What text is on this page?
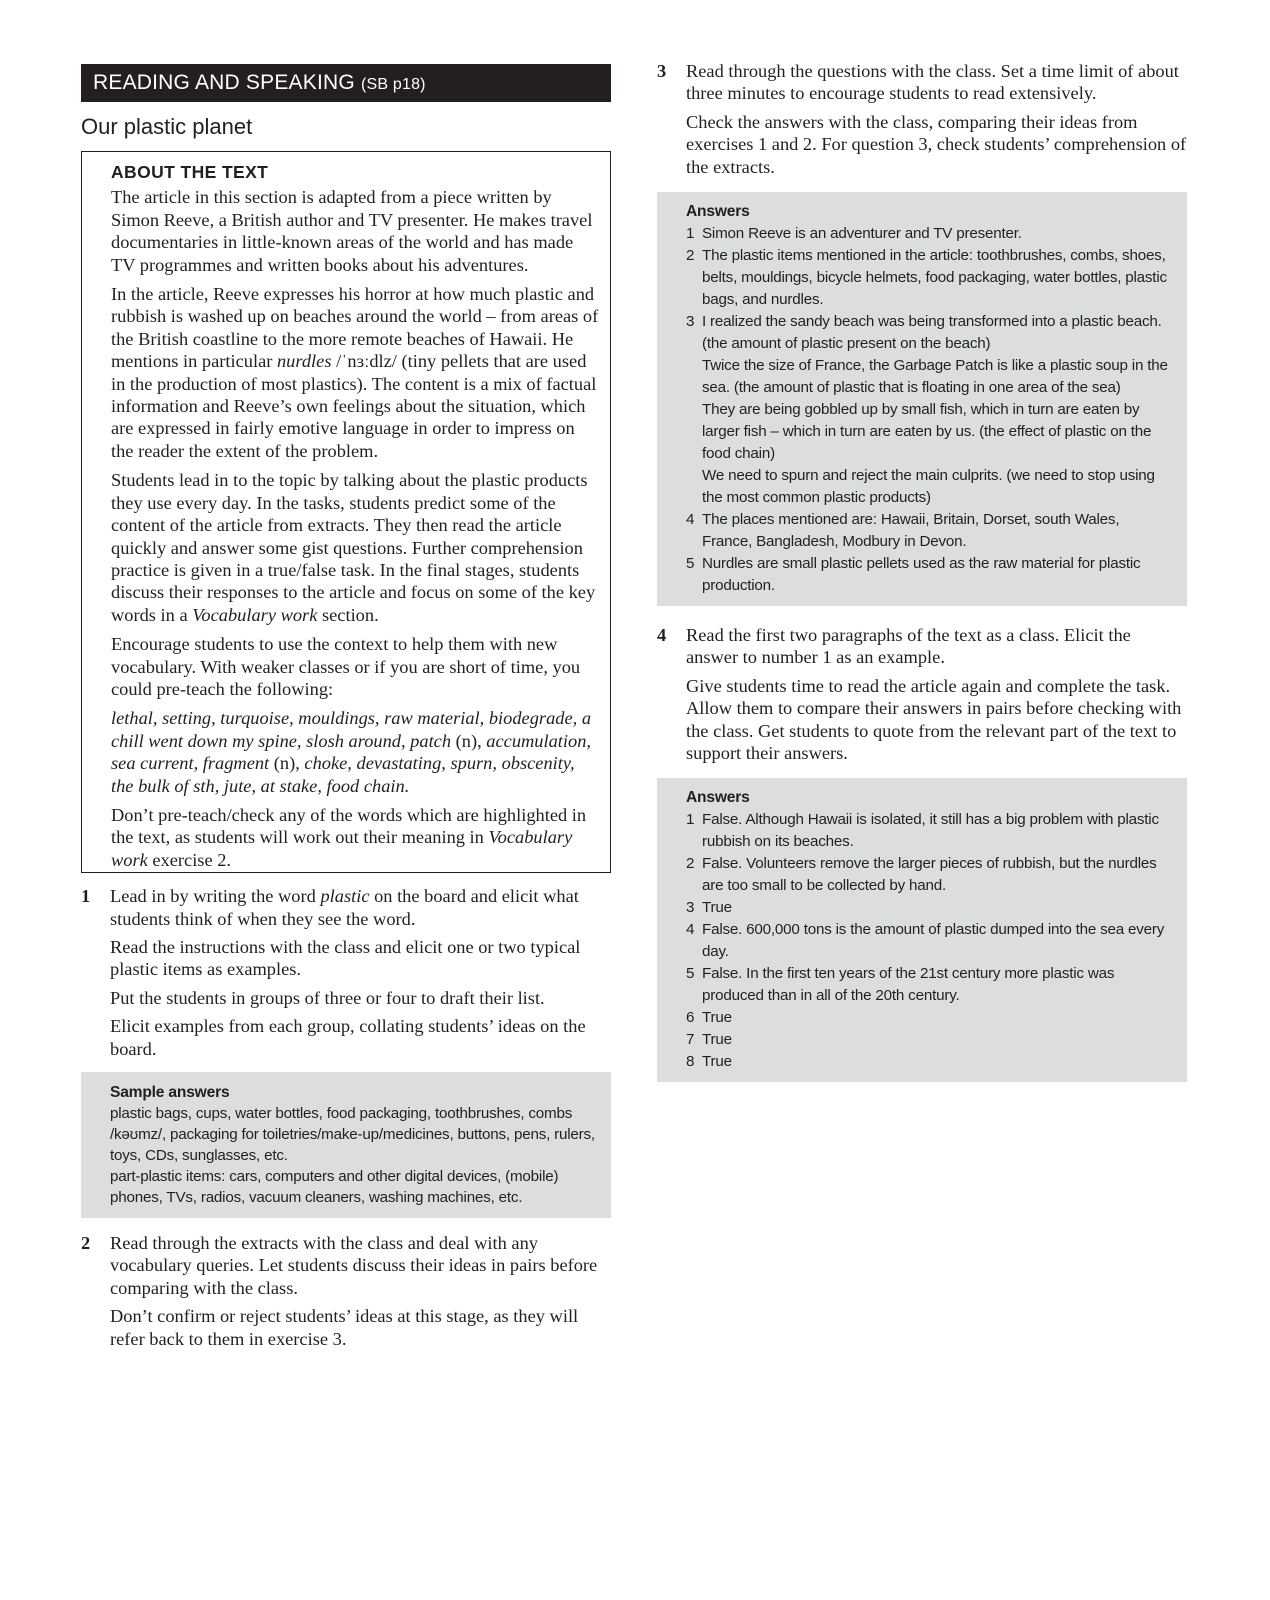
READING AND SPEAKING (SB p18)
Our plastic planet
ABOUT THE TEXT

The article in this section is adapted from a piece written by Simon Reeve, a British author and TV presenter. He makes travel documentaries in little-known areas of the world and has made TV programmes and written books about his adventures.

In the article, Reeve expresses his horror at how much plastic and rubbish is washed up on beaches around the world – from areas of the British coastline to the more remote beaches of Hawaii. He mentions in particular nurdles /ˈnɜːdlz/ (tiny pellets that are used in the production of most plastics). The content is a mix of factual information and Reeve’s own feelings about the situation, which are expressed in fairly emotive language in order to impress on the reader the extent of the problem.

Students lead in to the topic by talking about the plastic products they use every day. In the tasks, students predict some of the content of the article from extracts. They then read the article quickly and answer some gist questions. Further comprehension practice is given in a true/false task. In the final stages, students discuss their responses to the article and focus on some of the key words in a Vocabulary work section.

Encourage students to use the context to help them with new vocabulary. With weaker classes or if you are short of time, you could pre-teach the following:

lethal, setting, turquoise, mouldings, raw material, biodegrade, a chill went down my spine, slosh around, patch (n), accumulation, sea current, fragment (n), choke, devastating, spurn, obscenity, the bulk of sth, jute, at stake, food chain.

Don’t pre-teach/check any of the words which are highlighted in the text, as students will work out their meaning in Vocabulary work exercise 2.

1	Lead in by writing the word plastic on the board and elicit what students think of when they see the word.

Read the instructions with the class and elicit one or two typical plastic items as examples.

Put the students in groups of three or four to draft their list.

Elicit examples from each group, collating students’ ideas on the board.

Sample answers

plastic bags, cups, water bottles, food packaging, toothbrushes, combs /kəʊmz/, packaging for toiletries/make-up/medicines, buttons, pens, rulers, toys, CDs, sunglasses, etc.

part-plastic items: cars, computers and other digital devices, (mobile) phones, TVs, radios, vacuum cleaners, washing machines, etc.

2	Read through the extracts with the class and deal with any vocabulary queries. Let students discuss their ideas in pairs before comparing with the class.

Don’t confirm or reject students’ ideas at this stage, as they will refer back to them in exercise 3.

3	Read through the questions with the class. Set a time limit of about three minutes to encourage students to read extensively.

Check the answers with the class, comparing their ideas from exercises 1 and 2. For question 3, check students’ comprehension of the extracts.

Answers
1 Simon Reeve is an adventurer and TV presenter.
2 The plastic items mentioned in the article: toothbrushes, combs, shoes, belts, mouldings, bicycle helmets, food packaging, water bottles, plastic bags, and nurdles.
3 I realized the sandy beach was being transformed into a plastic beach. (the amount of plastic present on the beach)
Twice the size of France, the Garbage Patch is like a plastic soup in the sea. (the amount of plastic that is floating in one area of the sea)
They are being gobbled up by small fish, which in turn are eaten by larger fish – which in turn are eaten by us. (the effect of plastic on the food chain)
We need to spurn and reject the main culprits. (we need to stop using the most common plastic products)
4 The places mentioned are: Hawaii, Britain, Dorset, south Wales, France, Bangladesh, Modbury in Devon.
5 Nurdles are small plastic pellets used as the raw material for plastic production.
4	Read the first two paragraphs of the text as a class. Elicit the answer to number 1 as an example.

Give students time to read the article again and complete the task. Allow them to compare their answers in pairs before checking with the class. Get students to quote from the relevant part of the text to support their answers.

Answers
1 False. Although Hawaii is isolated, it still has a big problem with plastic rubbish on its beaches.
2 False. Volunteers remove the larger pieces of rubbish, but the nurdles are too small to be collected by hand.
3 True
4 False. 600,000 tons is the amount of plastic dumped into the sea every day.
5 False. In the first ten years of the 21st century more plastic was produced than in all of the 20th century.
6 True
7 True
8 True
